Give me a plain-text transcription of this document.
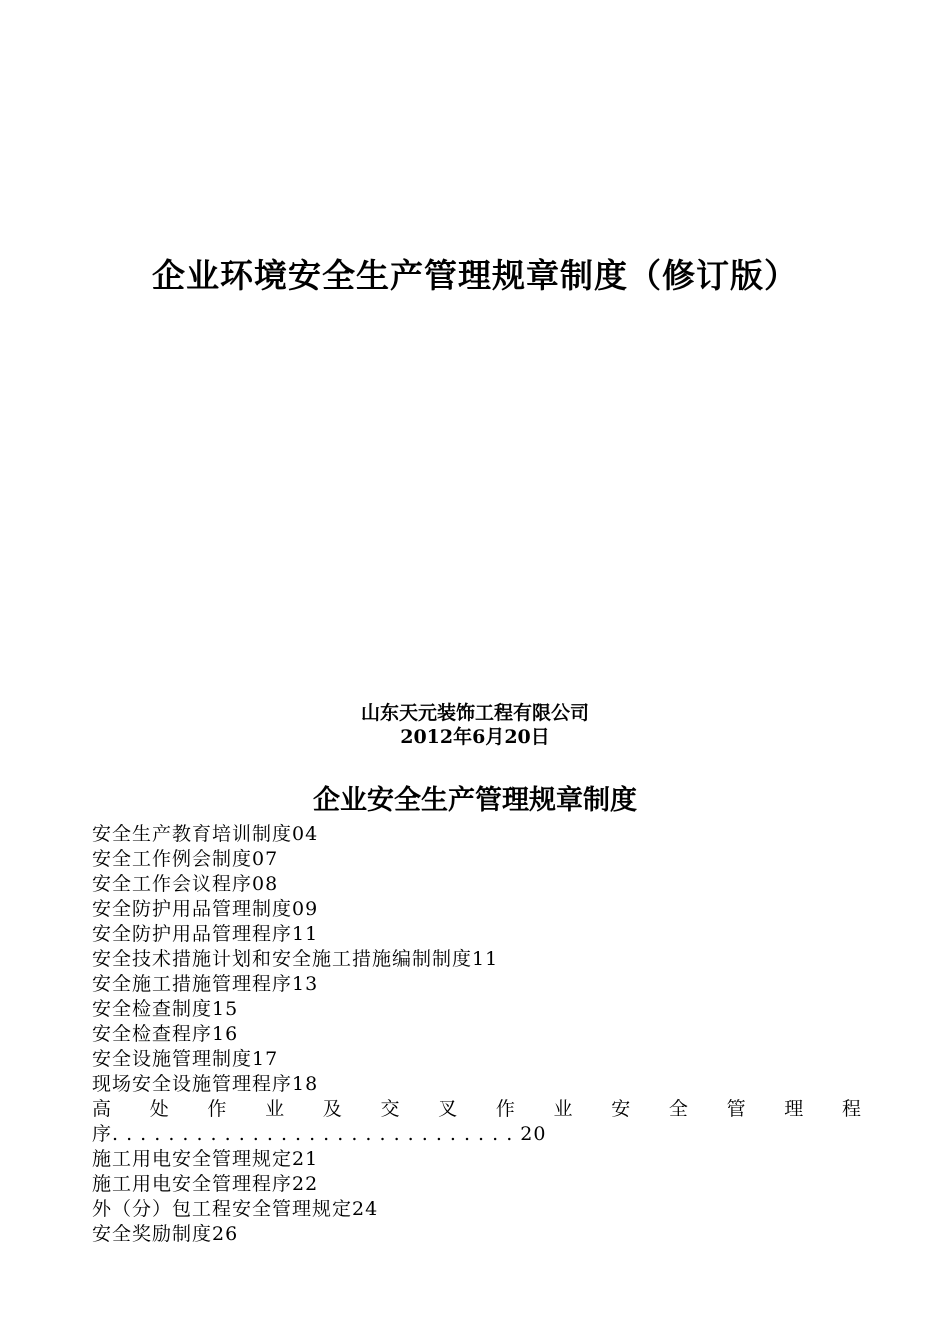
企业环境安全生产管理规章制度（修订版）

山东天元装饰工程有限公司

2012年6月20日

企业安全生产管理规章制度
安全生产教育培训制度04
安全工作例会制度07
安全工作会议程序08
安全防护用品管理制度09
安全防护用品管理程序11
安全技术措施计划和安全施工措施编制制度11
安全施工措施管理程序13
安全检查制度15
安全检查程序16
安全设施管理制度17
现场安全设施管理程序18
高 处 作 业 及 交 叉 作 业 安 全 管 理 程
序. . . . . . . . . . . . . . . . . . . . . . . . . . . . . 20
施工用电安全管理规定21
施工用电安全管理程序22
外（分）包工程安全管理规定24
安全奖励制度26
